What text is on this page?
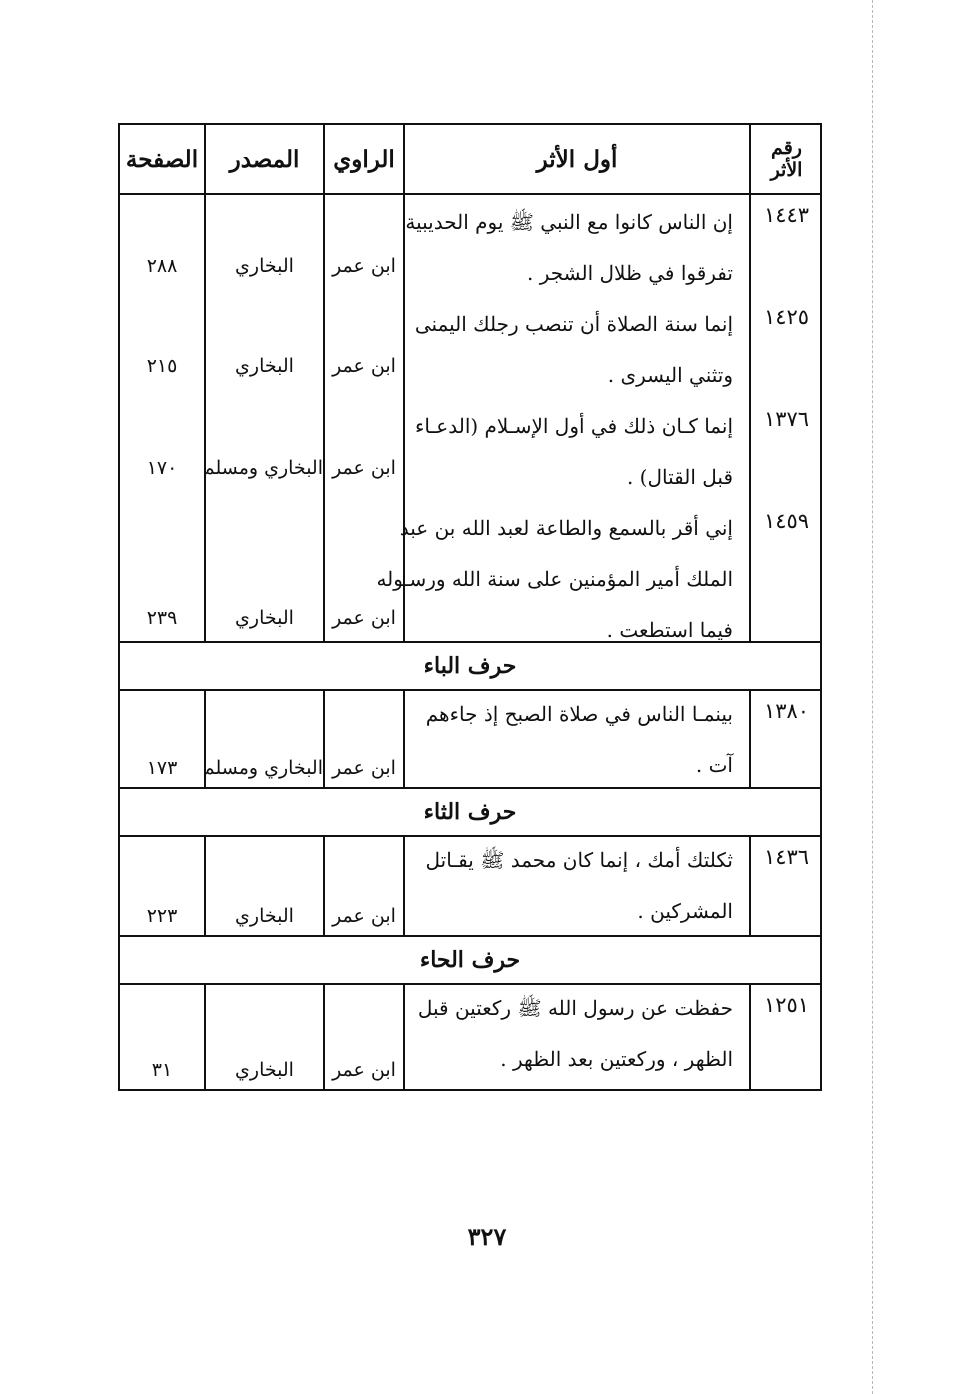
رقم
الأثر
أول الأثر
الراوي
المصدر
الصفحة
١٤٤٣
١٤٢٥
١٣٧٦
١٤٥٩
إن الناس كانوا مع النبي ﷺ يوم الحديبية
تفرقوا في ظلال الشجر .
إنما سنة الصلاة أن تنصب رجلك اليمنى
وتثني اليسرى .
إنما كـان ذلك في أول الإسـلام (الدعـاء
قبل القتال) .
إني أقر بالسمع والطاعة لعبد الله بن عبد
الملك أمير المؤمنين على سنة الله ورسـوله
فيما استطعت .
ابن عمر
ابن عمر
ابن عمر
ابن عمر
البخاري
البخاري
البخاري ومسلم
البخاري
٢٨٨
٢١٥
١٧٠
٢٣٩
حرف الباء
١٣٨٠
بينمـا الناس في صلاة الصبح إذ جاءهم
آت .
ابن عمر
البخاري ومسلم
١٧٣
حرف الثاء
١٤٣٦
ثكلتك أمك ، إنما كان محمد ﷺ يقـاتل
المشركين .
ابن عمر
البخاري
٢٢٣
حرف الحاء
١٢٥١
حفظت عن رسول الله ﷺ ركعتين قبل
الظهر ، وركعتين بعد الظهر .
ابن عمر
البخاري
٣١
٣٢٧
